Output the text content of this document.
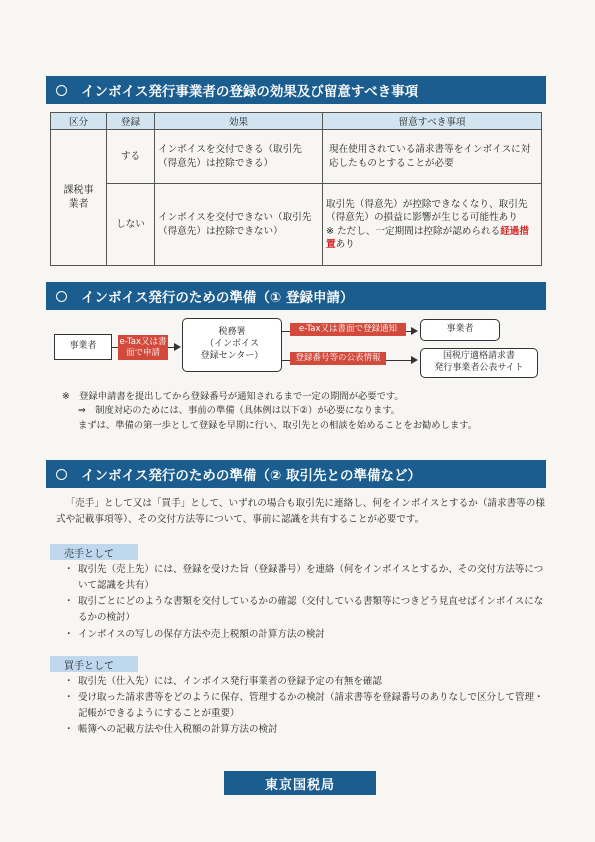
インボイス発行事業者の登録の効果及び留意すべき事項
区分	登録	効果	留意すべき事項
課税事業者	する	インボイスを交付できる（取引先（得意先）は控除できる）	現在使用されている請求書等をインボイスに対応したものとすることが必要
	しない	インボイスを交付できない（取引先（得意先）は控除できない）	取引先（得意先）が控除できなくなり、取引先（得意先）の損益に影響が生じる可能性あり
※ ただし、一定期間は控除が認められる経過措置あり
インボイス発行のための準備（① 登録申請）
事業者	e-Tax又は書面で申請
税務署
（インボイス
登録センター）
e-Tax又は書面で登録通知	事業者
登録番号等の公表情報	国税庁適格請求書
発行事業者公表サイト
※　登録申請書を提出してから登録番号が通知されるまで一定の期間が必要です。
⇒　制度対応のためには、事前の準備（具体例は以下②）が必要になります。
まずは、準備の第一歩として登録を早期に行い、取引先との相談を始めることをお勧めします。
インボイス発行のための準備（② 取引先との準備など）
「売手」として又は「買手」として、いずれの場合も取引先に連絡し、何をインボイスとするか（請求書等の様式や記載事項等）、その交付方法等について、事前に認識を共有することが必要です。
売手として
・ 取引先（売上先）には、登録を受けた旨（登録番号）を連絡（何をインボイスとするか、その交付方法等について認識を共有）
・ 取引ごとにどのような書類を交付しているかの確認（交付している書類等につきどう見直せばインボイスになるかの検討）
・ インボイスの写しの保存方法や売上税額の計算方法の検討
買手として
・ 取引先（仕入先）には、インボイス発行事業者の登録予定の有無を確認
・ 受け取った請求書等をどのように保存、管理するかの検討（請求書等を登録番号のありなしで区分して管理・記帳ができるようにすることが重要）
・ 帳簿への記載方法や仕入税額の計算方法の検討
東京国税局
